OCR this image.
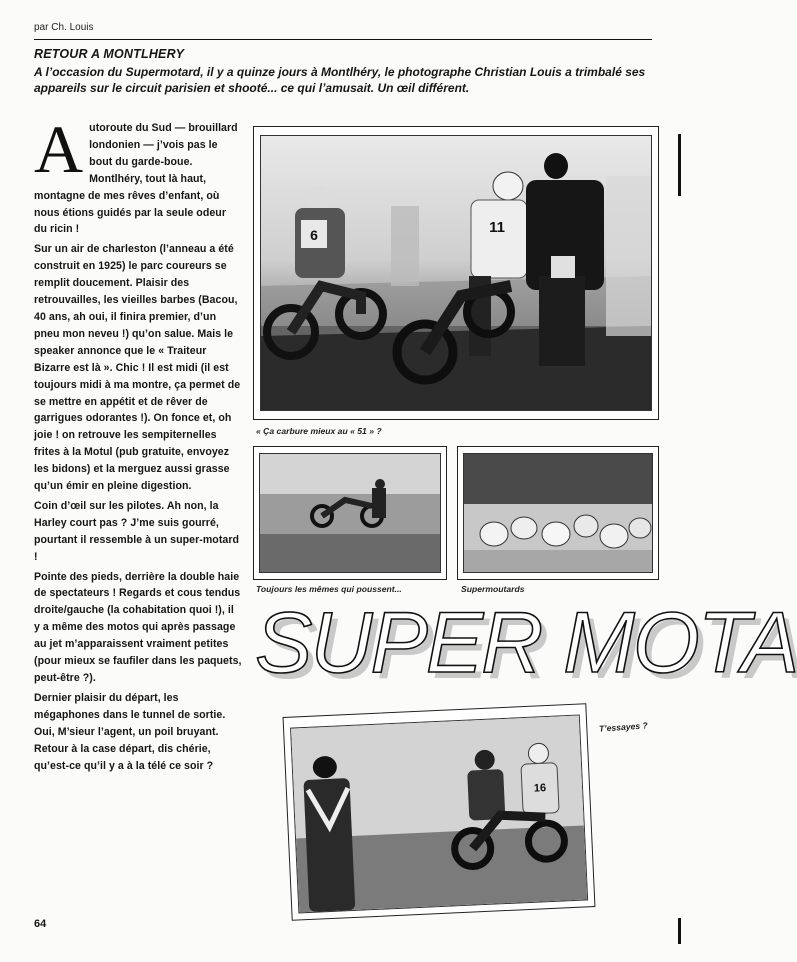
par Ch. Louis
RETOUR A MONTLHERY
A l’occasion du Supermotard, il y a quinze jours à Montlhéry, le photographe Christian Louis a trimbalé ses appareils sur le circuit parisien et shooté... ce qui l’amusait. Un œil différent.

Autoroute du Sud — brouillard londonien — j’vois pas le bout du garde-boue. Montlhéry, tout là haut, montagne de mes rêves d’enfant, où nous étions guidés par la seule odeur du ricin !

Sur un air de charleston (l’anneau a été construit en 1925) le parc coureurs se remplit doucement. Plaisir des retrouvailles, les vieilles barbes (Bacou, 40 ans, ah oui, il finira premier, d’un pneu mon neveu !) qu’on salue. Mais le speaker annonce que le « Traiteur Bizarre est là ». Chic ! Il est midi (il est toujours midi à ma montre, ça permet de se mettre en appétit et de rêver de garrigues odorantes !). On fonce et, oh joie ! on retrouve les sempiternelles frites à la Motul (pub gratuite, envoyez les bidons) et la merguez aussi grasse qu’un émir en pleine digestion.

Coin d’œil sur les pilotes. Ah non, la Harley court pas ? J’me suis gourré, pourtant il ressemble à un super-motard !

Pointe des pieds, derrière la double haie de spectateurs ! Regards et cous tendus droite/gauche (la cohabitation quoi !), il y a même des motos qui après passage au jet m’apparaissent vraiment petites (pour mieux se faufiler dans les paquets, peut-être ?).

Dernier plaisir du départ, les mégaphones dans le tunnel de sortie. Oui, M’sieur l’agent, un poil bruyant. Retour à la case départ, dis chérie, qu’est-ce qu’il y a à la télé ce soir ?

64
6	11
« Ça carbure mieux au « 51 » ?
Toujours les mêmes qui poussent...	Supermoutards
SUPER MOTA
16
T’essayes ?
